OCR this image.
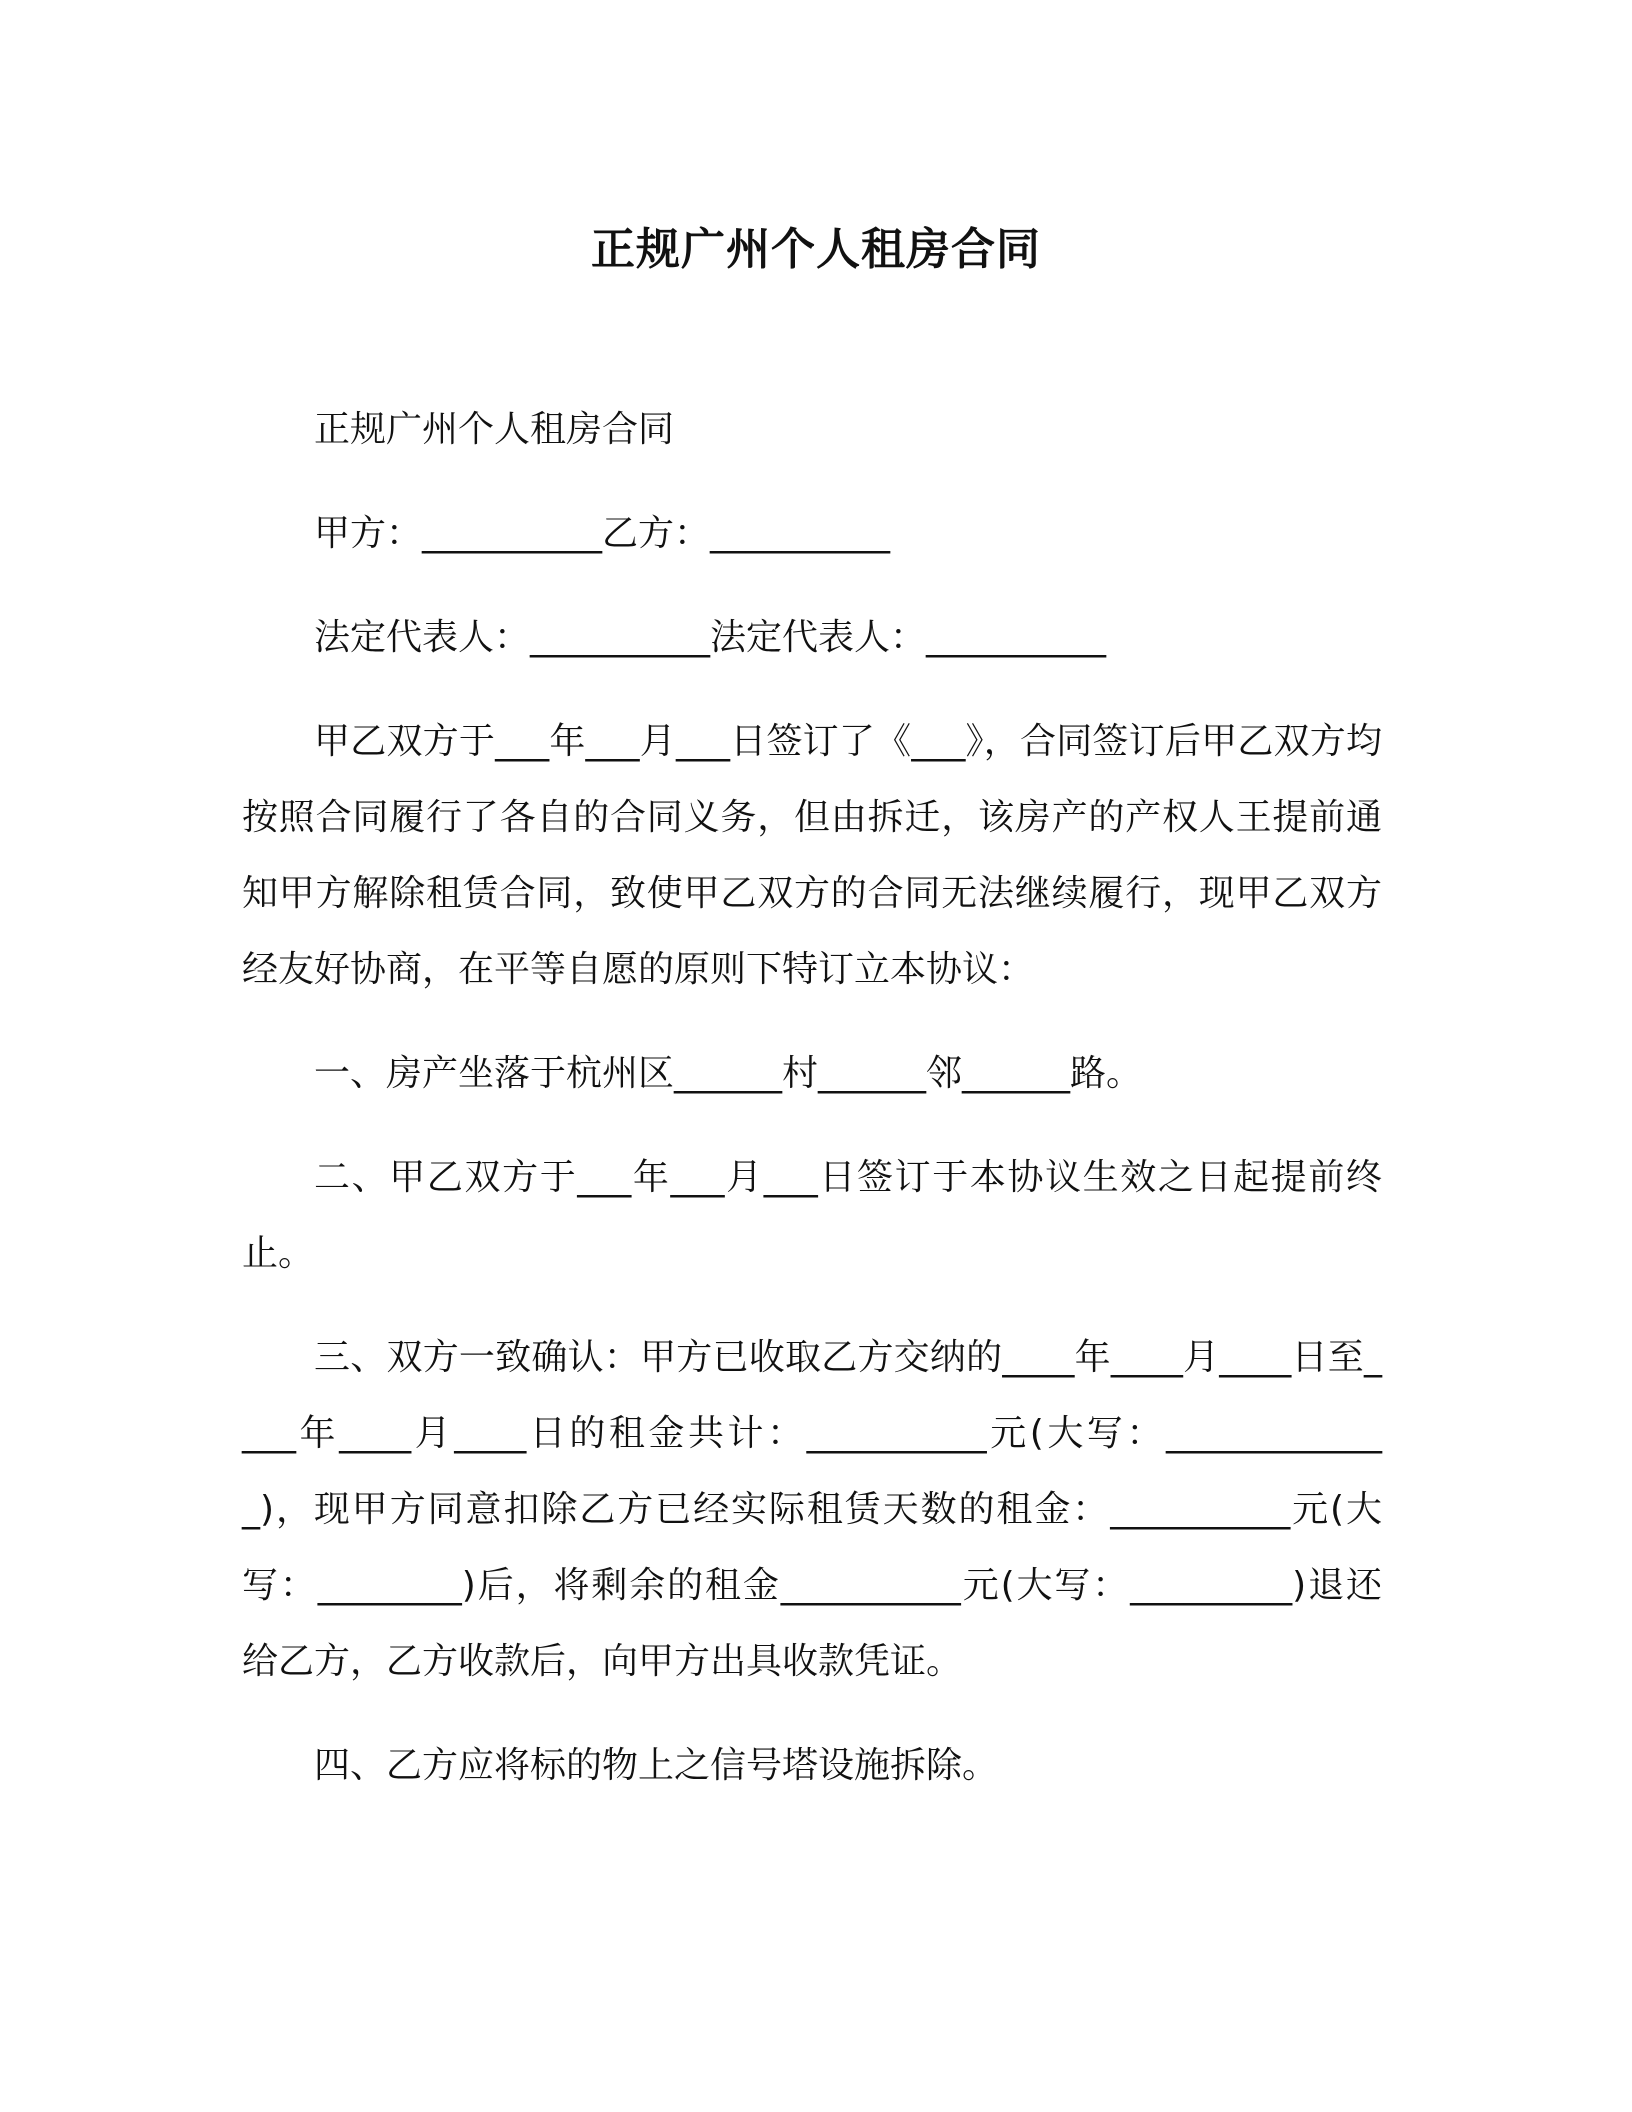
正规广州个人租房合同

正规广州个人租房合同

甲方：__________乙方：__________

法定代表人：__________法定代表人：__________

甲乙双方于___年___月___日签订了《___》，合同签订后甲乙双方均按照合同履行了各自的合同义务，但由拆迁，该房产的产权人王提前通知甲方解除租赁合同，致使甲乙双方的合同无法继续履行，现甲乙双方经友好协商，在平等自愿的原则下特订立本协议：

一、房产坐落于杭州区______村______邻______路。

二、甲乙双方于___年___月___日签订于本协议生效之日起提前终止。

三、双方一致确认：甲方已收取乙方交纳的____年____月____日至____年____月____日的租金共计：__________元(大写：_____________)，现甲方同意扣除乙方已经实际租赁天数的租金：__________元(大写：________)后，将剩余的租金__________元(大写：_________)退还给乙方，乙方收款后，向甲方出具收款凭证。

四、乙方应将标的物上之信号塔设施拆除。
